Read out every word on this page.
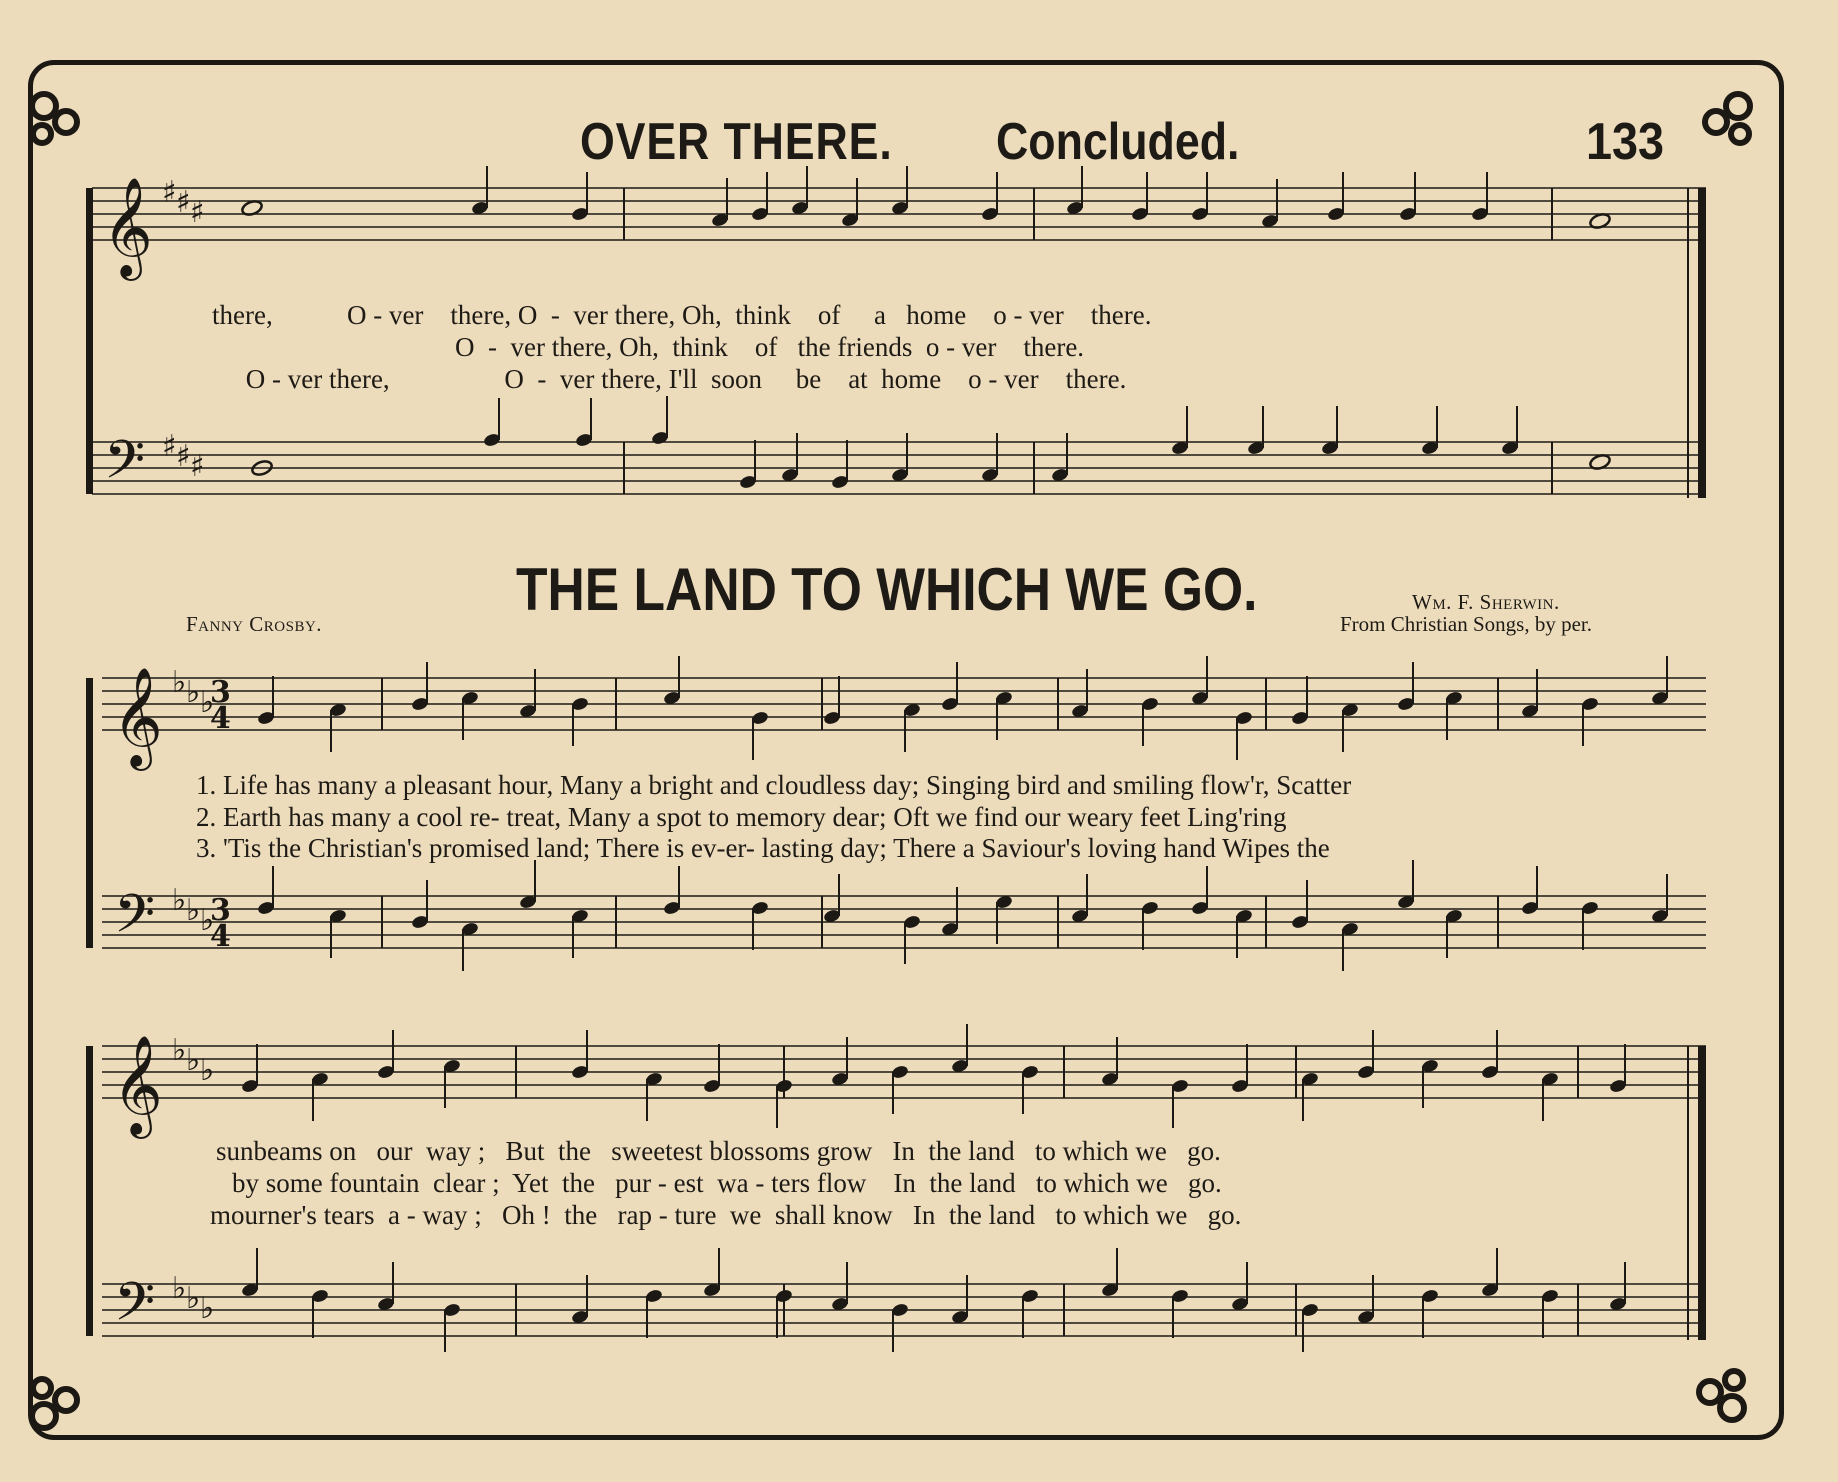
OVER THERE. Concluded.	133
𝄞 ♯ ♯ ♯
𝄢 ♯ ♯ ♯
𝄞 ♭ ♭ ♭
𝄢 ♭ ♭ ♭
𝄞 ♭ ♭ ♭
𝄢 ♭ ♭ ♭
3
4
3
4
there,           O - ver    there, O  -  ver there, Oh,  think    of     a   home    o - ver    there.
O  -  ver there, Oh,  think    of   the friends  o - ver    there.
O - ver there,                 O  -  ver there, I'll  soon     be    at  home    o - ver    there.
THE LAND TO WHICH WE GO.
Fanny Crosby.
Wm. F. Sherwin.
From Christian Songs, by per.
1. Life has many a pleasant hour, Many a bright and cloudless day; Singing bird and smiling flow'r, Scatter
2. Earth has many a cool re- treat, Many a spot to memory dear; Oft we find our weary feet Ling'ring
3. 'Tis the Christian's promised land; There is ev-er- lasting day; There a Saviour's loving hand Wipes the
sunbeams on   our  way ;   But  the   sweetest blossoms grow   In  the land   to which we   go.
by some fountain  clear ;  Yet  the   pur - est  wa - ters flow    In  the land   to which we   go.
mourner's tears  a - way ;   Oh !  the   rap - ture  we  shall know   In  the land   to which we   go.
